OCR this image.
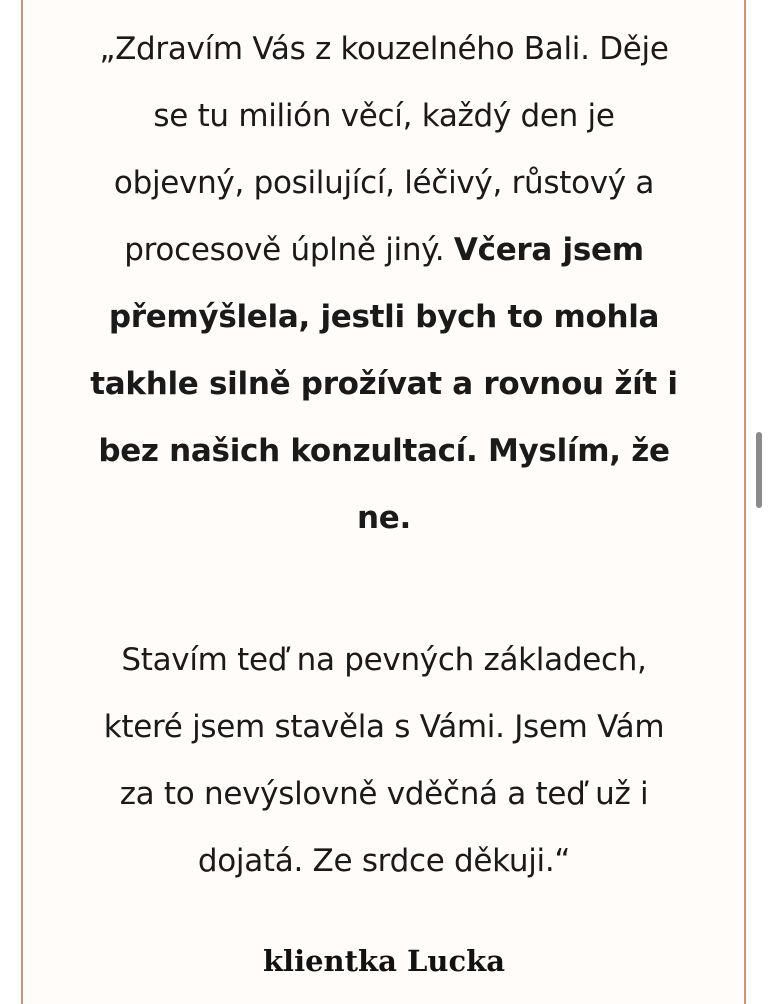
„Zdravím Vás z kouzelného Bali. Děje
se tu milión věcí, každý den je
objevný, posilující, léčivý, růstový a
procesově úplně jiný. Včera jsem
přemýšlela, jestli bych to mohla
takhle silně prožívat a rovnou žít i
bez našich konzultací. Myslím, že
ne.

Stavím teď na pevných základech,
které jsem stavěla s Vámi. Jsem Vám
za to nevýslovně vděčná a teď už i
dojatá. Ze srdce děkuji.“

klientka Lucka
